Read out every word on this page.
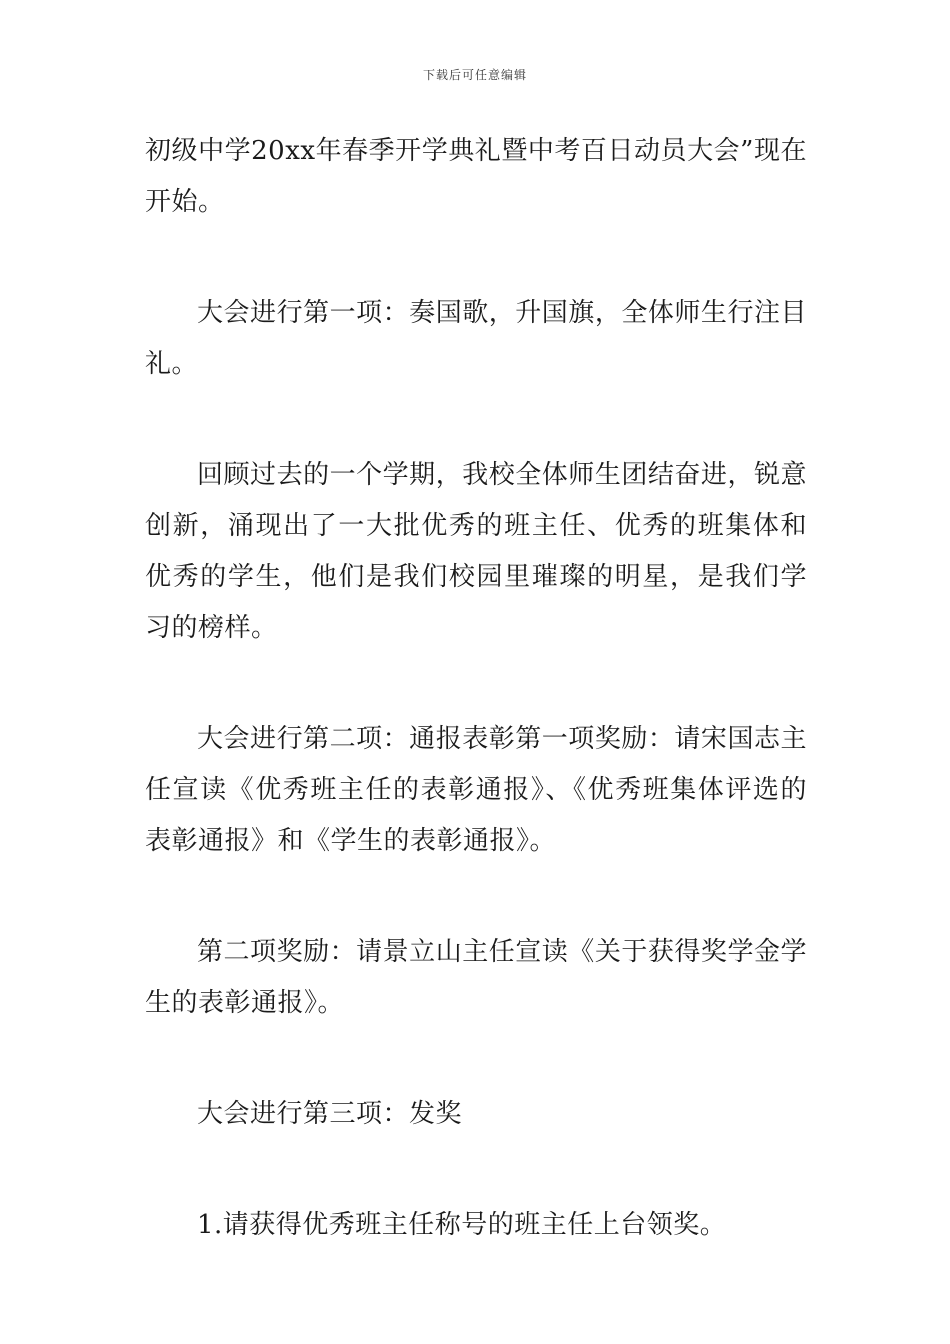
下载后可任意编辑

初级中学20xx年春季开学典礼暨中考百日动员大会”现在开始。

大会进行第一项：奏国歌，升国旗，全体师生行注目礼。

回顾过去的一个学期，我校全体师生团结奋进，锐意创新，涌现出了一大批优秀的班主任、优秀的班集体和优秀的学生，他们是我们校园里璀璨的明星，是我们学习的榜样。

大会进行第二项：通报表彰第一项奖励：请宋国志主任宣读《优秀班主任的表彰通报》、《优秀班集体评选的表彰通报》和《学生的表彰通报》。

第二项奖励：请景立山主任宣读《关于获得奖学金学生的表彰通报》。

大会进行第三项：发奖

1.请获得优秀班主任称号的班主任上台领奖。
